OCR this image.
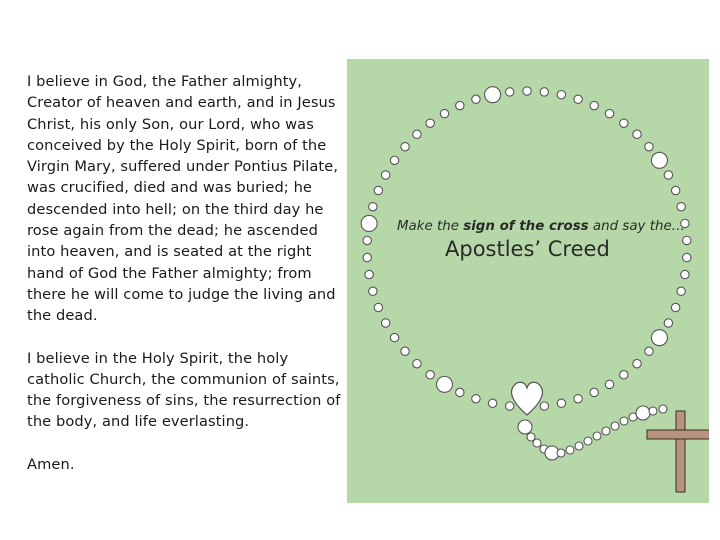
I believe in God, the Father almighty,
Creator of heaven and earth, and in Jesus
Christ, his only Son, our Lord, who was
conceived by the Holy Spirit, born of the
Virgin Mary, suffered under Pontius Pilate,
was crucified, died and was buried; he
descended into hell; on the third day he
rose again from the dead; he ascended
into heaven, and is seated at the right
hand of God the Father almighty; from
there he will come to judge the living and
the dead.

I believe in the Holy Spirit, the holy
catholic Church, the communion of saints,
the forgiveness of sins, the resurrection of
the body, and life everlasting.

Amen.

Make the sign of the cross and say the…
Apostles’ Creed
